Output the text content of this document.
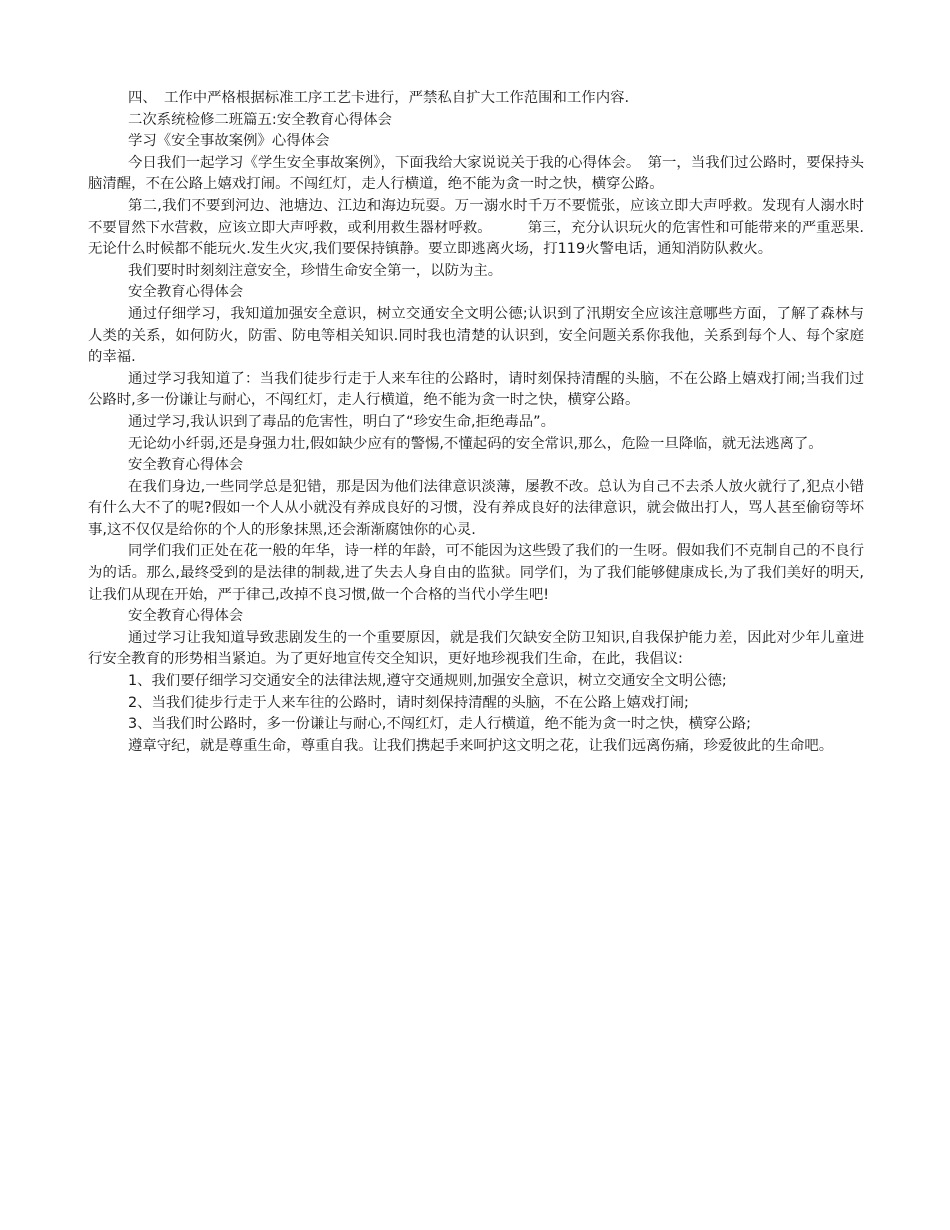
四、　工作中严格根据标准工序工艺卡进行，严禁私自扩大工作范围和工作内容.

二次系统检修二班篇五:安全教育心得体会

学习《安全事故案例》心得体会

今日我们一起学习《学生安全事故案例》，下面我给大家说说关于我的心得体会。　第一，当我们过公路时，要保持头脑清醒，不在公路上嬉戏打闹。不闯红灯，走人行横道，绝不能为贪一时之快，横穿公路。

第二,我们不要到河边、池塘边、江边和海边玩耍。万一溺水时千万不要慌张，应该立即大声呼救。发现有人溺水时不要冒然下水营救，应该立即大声呼救，或利用救生器材呼救。　　　第三，充分认识玩火的危害性和可能带来的严重恶果.无论什么时候都不能玩火.发生火灾,我们要保持镇静。要立即逃离火场，打119火警电话，通知消防队救火。

我们要时时刻刻注意安全，珍惜生命安全第一，以防为主。

安全教育心得体会

通过仔细学习，我知道加强安全意识，树立交通安全文明公德;认识到了汛期安全应该注意哪些方面，了解了森林与人类的关系，如何防火，防雷、防电等相关知识.同时我也清楚的认识到，安全问题关系你我他，关系到每个人、每个家庭的幸福.

通过学习我知道了：当我们徒步行走于人来车往的公路时，请时刻保持清醒的头脑，不在公路上嬉戏打闹;当我们过公路时,多一份谦让与耐心，不闯红灯，走人行横道，绝不能为贪一时之快，横穿公路。

通过学习,我认识到了毒品的危害性，明白了“珍安生命,拒绝毒品”。

无论幼小纤弱,还是身强力壮,假如缺少应有的警惕,不懂起码的安全常识,那么，危险一旦降临，就无法逃离了。

安全教育心得体会

在我们身边,一些同学总是犯错，那是因为他们法律意识淡薄，屡教不改。总认为自己不去杀人放火就行了,犯点小错有什么大不了的呢?假如一个人从小就没有养成良好的习惯，没有养成良好的法律意识，就会做出打人，骂人甚至偷窃等坏事,这不仅仅是给你的个人的形象抹黑,还会渐渐腐蚀你的心灵.

同学们我们正处在花一般的年华，诗一样的年龄，可不能因为这些毁了我们的一生呀。假如我们不克制自己的不良行为的话。那么,最终受到的是法律的制裁,进了失去人身自由的监狱。同学们，为了我们能够健康成长,为了我们美好的明天,让我们从现在开始，严于律己,改掉不良习惯,做一个合格的当代小学生吧!

安全教育心得体会

通过学习让我知道导致悲剧发生的一个重要原因，就是我们欠缺安全防卫知识,自我保护能力差，因此对少年儿童进行安全教育的形势相当紧迫。为了更好地宣传交全知识，更好地珍视我们生命，在此，我倡议:

1、我们要仔细学习交通安全的法律法规,遵守交通规则,加强安全意识，树立交通安全文明公德;

2、当我们徒步行走于人来车往的公路时，请时刻保持清醒的头脑，不在公路上嬉戏打闹;

3、当我们时公路时，多一份谦让与耐心,不闯红灯，走人行横道，绝不能为贪一时之快，横穿公路;

遵章守纪，就是尊重生命，尊重自我。让我们携起手来呵护这文明之花，让我们远离伤痛，珍爱彼此的生命吧。
